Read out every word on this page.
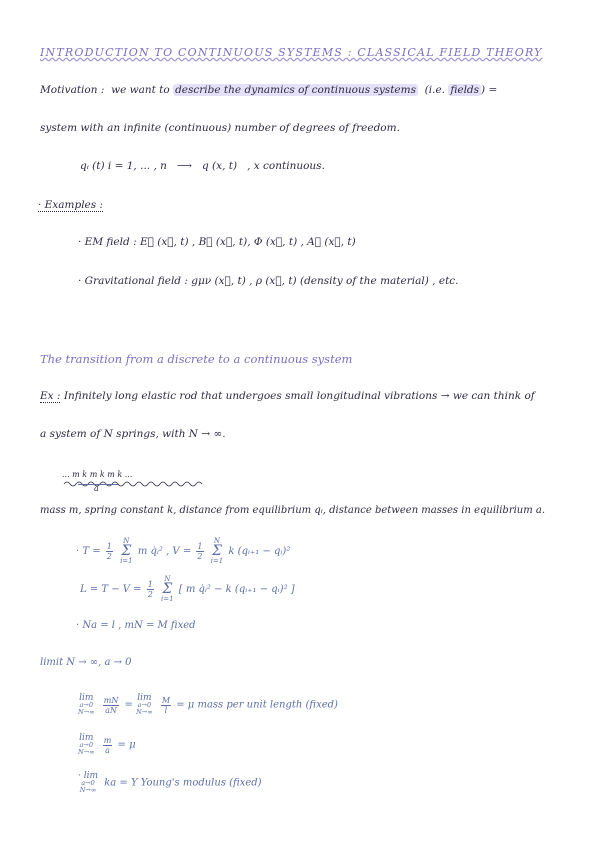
INTRODUCTION TO CONTINUOUS SYSTEMS : CLASSICAL FIELD THEORY
Motivation : we want to describe the dynamics of continuous systems (i.e. fields ) =
system with an infinite (continuous) number of degrees of freedom.
qᵢ (t) i = 1, ... , n ⟶ q (x, t) , x continuous.
· Examples :
· EM field : E⃗ (x⃗, t) , B⃗ (x⃗, t), Φ (x⃗, t) , A⃗ (x⃗, t)
· Gravitational field : gμν (x⃗, t) , ρ (x⃗, t) (density of the material) , etc.
The transition from a discrete to a continuous system
Ex : Infinitely long elastic rod that undergoes small longitudinal vibrations → we can think of
a system of N springs, with N → ∞.
... m k m k m k ...
a
mass m, spring constant k, distance from equilibrium qᵢ, distance between masses in equilibrium a.
· $T = \frac{1}{2}$
N
Σ
i=1 m q̇ᵢ² , $V = \frac{1}{2}$
N
Σ
i=1 k (qᵢ₊₁ − qᵢ)²
$L = T - V = \frac{1}{2}$
N
Σ
i=1 [ m q̇ᵢ² − k (qᵢ₊₁ − qᵢ)² ]
· Na = l , mN = M fixed
limit N → ∞, a → 0
lim
a→0
N→∞
$\frac{mN}{aN} = \lim$
a→0
N→∞
$\frac{M}{l} = \mu$ mass per unit length (fixed)
lim
a→0
N→∞
$\frac{m}{a} = \mu$
· lim
a→0
N→∞
ka = Y Young's modulus (fixed)
